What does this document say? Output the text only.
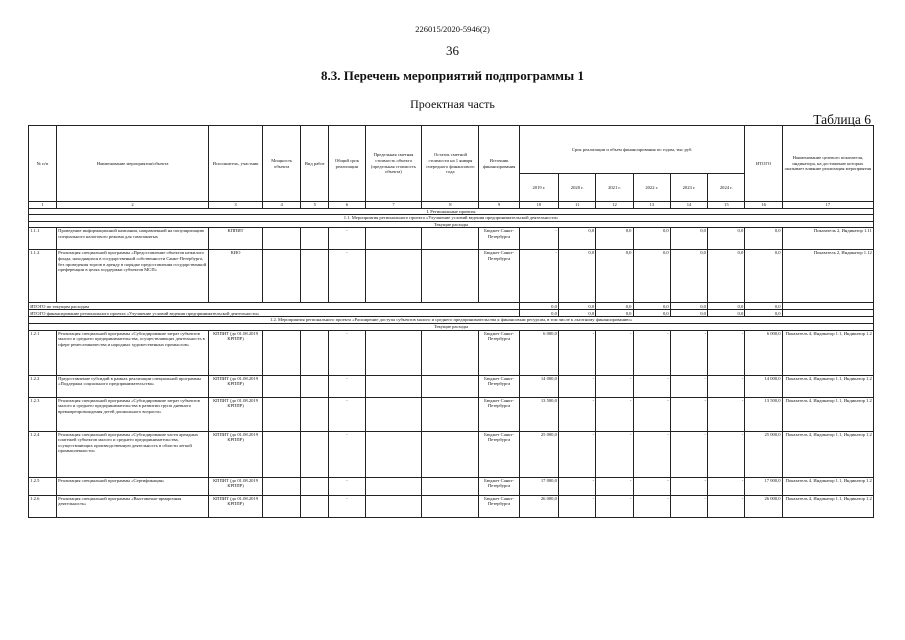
226015/2020-5946(2)
36
8.3. Перечень мероприятий подпрограммы 1
Проектная часть
Таблица 6
№ п/п	Наименование мероприятия/объекта	Исполнитель, участник	Мощность объекта	Вид работ	Общий срок реализации	Предельная сметная стоимость объекта (предельная стоимость объекта)	Остаток сметной стоимости на 1 января очередного финансового года	Источник финансирования	Срок реализации и объем финансирования по годам, тыс руб.						ИТОГО	Наименование целевого показателя, индикатора, на достижение которых оказывает влияние реализация мероприятия
									2019 г.	2020 г.	2021 г.	2022 г.	2023 г.	2024 г.		
1	2	3	4	5	6	7	8	9	10	11	12	13	14	15	16	17
I. Региональные проекты																
1.1. Мероприятия регионального проекта «Улучшение условий ведения предпринимательской деятельности»																
Текущие расходы																
1.1.1	Проведение информационной кампании, направленной на популяризацию специального налогового режима для самозанятых	КППИТ			-			Бюджет Санкт-Петербурга	-	0,0	0,0	0,0	0,0	0,0	0,0	Показатель 2, Индикатор 1.11
1.1.2	Реализация специальной программы «Предоставление объектов нежилого фонда, находящихся в государственной собственности Санкт-Петербурга, без проведения торгов в аренду в порядке предоставления государственной преференции в целях поддержки субъектов МСП»	КИО			-			Бюджет Санкт-Петербурга	-	0,0	0,0	0,0	0,0	0,0	0,0	Показатель 2, Индикатор 1.12
ИТОГО по текущим расходам									0,0	0,0	0,0	0,0	0,0	0,0	0,0	
ИТОГО финансирование регионального проекта «Улучшение условий ведения предпринимательской деятельности»									0,0	0,0	0,0	0,0	0,0	0,0	0,0	
1.2. Мероприятия регионального проекта «Расширение доступа субъектов малого и среднего предпринимательства к финансовым ресурсам, в том числе к льготному финансированию»																
Текущие расходы																
1.2.1	Реализация специальной программы «Субсидирование затрат субъектов малого и среднего предпринимательства, осуществляющих деятельность в сфере ремесленничества и народных художественных промыслов»	КППИТ (до 01.08.2019 КРППР)			-			Бюджет Санкт-Петербурга	6 000,0	-	-	-	-	-	6 000,0	Показатель 4, Индикатор 1.1, Индикатор 1.2
1.2.2	Предоставление субсидий в рамках реализации специальной программы «Поддержка социального предпринимательства»	КППИТ (до 01.08.2019 КРППР)			-			Бюджет Санкт-Петербурга	14 000,0	-	-	-	-	-	14 000,0	Показатель 4, Индикатор 1.1, Индикатор 1.2
1.2.3	Реализация специальной программы «Субсидирование затрат субъектов малого и среднего предпринимательства в развитии групп дневного времяпрепровождения детей дошкольного возраста»	КППИТ (до 01.08.2019 КРППР)			-			Бюджет Санкт-Петербурга	13 500,0	-	-	-	-	-	13 500,0	Показатель 4, Индикатор 1.1, Индикатор 1.2
1.2.4	Реализация специальной программы «Субсидирование части арендных платежей субъектов малого и среднего предпринимательства, осуществляющих производственную деятельность в области легкой промышленности»	КППИТ (до 01.08.2019 КРППР)			-			Бюджет Санкт-Петербурга	25 000,0	-	-	-	-	-	25 000,0	Показатель 4, Индикатор 1.1, Индикатор 1.2
1.2.5	Реализация специальной программы «Сертификация»	КППИТ (до 01.08.2019 КРППР)			-			Бюджет Санкт-Петербурга	17 000,0	-	-	-	-	-	17 000,0	Показатель 4, Индикатор 1.1, Индикатор 1.2
1.2.6	Реализация специальной программы «Выставочно-ярмарочная деятельность»	КППИТ (до 01.08.2019 КРППР)			-			Бюджет Санкт-Петербурга	26 000,0	-	-	-	-	-	26 000,0	Показатель 4, Индикатор 1.1, Индикатор 1.2
